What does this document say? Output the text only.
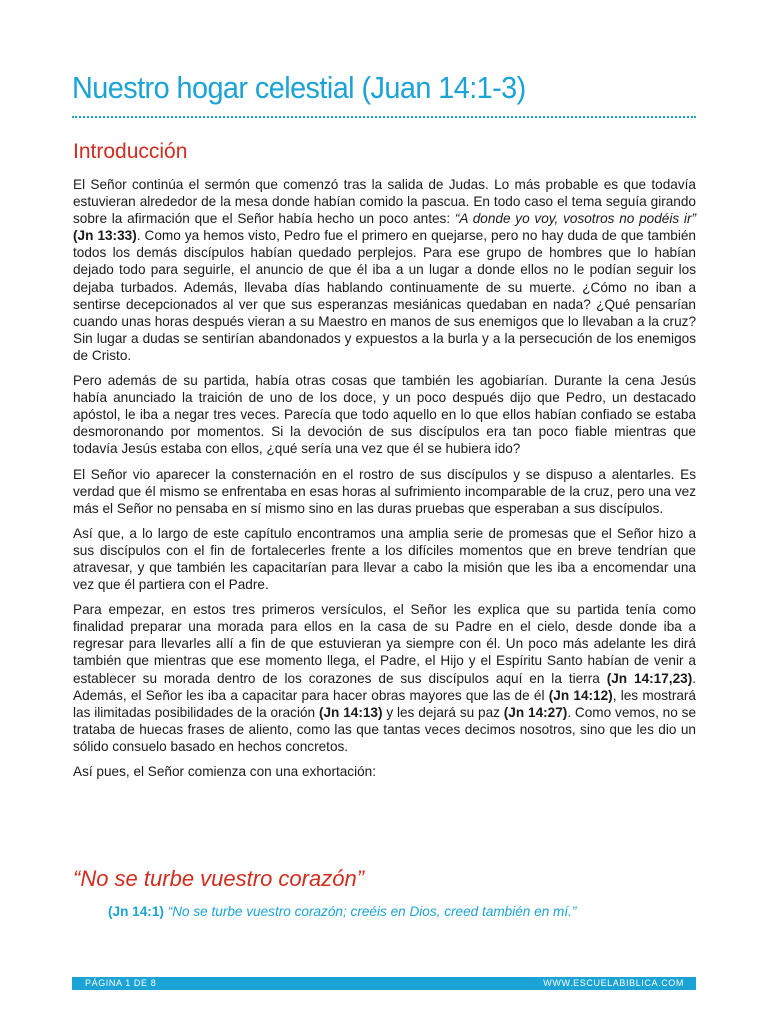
Nuestro hogar celestial (Juan 14:1-3)
Introducción

El Señor continúa el sermón que comenzó tras la salida de Judas. Lo más probable es que todavía estuvieran alrededor de la mesa donde habían comido la pascua. En todo caso el tema seguía girando sobre la afirmación que el Señor había hecho un poco antes: “A donde yo voy, vosotros no podéis ir” (Jn 13:33). Como ya hemos visto, Pedro fue el primero en quejarse, pero no hay duda de que también todos los demás discípulos habían quedado perplejos. Para ese grupo de hombres que lo habían dejado todo para seguirle, el anuncio de que él iba a un lugar a donde ellos no le podían seguir los dejaba turbados. Además, llevaba días hablando continuamente de su muerte. ¿Cómo no iban a sentirse decepcionados al ver que sus esperanzas mesiánicas quedaban en nada? ¿Qué pensarían cuando unas horas después vieran a su Maestro en manos de sus enemigos que lo llevaban a la cruz? Sin lugar a dudas se sentirían abandonados y expuestos a la burla y a la persecución de los enemigos de Cristo.

Pero además de su partida, había otras cosas que también les agobiarían. Durante la cena Jesús había anunciado la traición de uno de los doce, y un poco después dijo que Pedro, un destacado apóstol, le iba a negar tres veces. Parecía que todo aquello en lo que ellos habían confiado se estaba desmoronando por momentos. Si la devoción de sus discípulos era tan poco fiable mientras que todavía Jesús estaba con ellos, ¿qué sería una vez que él se hubiera ido?

El Señor vio aparecer la consternación en el rostro de sus discípulos y se dispuso a alentarles. Es verdad que él mismo se enfrentaba en esas horas al sufrimiento incomparable de la cruz, pero una vez más el Señor no pensaba en sí mismo sino en las duras pruebas que esperaban a sus discípulos.

Así que, a lo largo de este capítulo encontramos una amplia serie de promesas que el Señor hizo a sus discípulos con el fin de fortalecerles frente a los difíciles momentos que en breve tendrían que atravesar, y que también les capacitarían para llevar a cabo la misión que les iba a encomendar una vez que él partiera con el Padre.

Para empezar, en estos tres primeros versículos, el Señor les explica que su partida tenía como finalidad preparar una morada para ellos en la casa de su Padre en el cielo, desde donde iba a regresar para llevarles allí a fin de que estuvieran ya siempre con él. Un poco más adelante les dirá también que mientras que ese momento llega, el Padre, el Hijo y el Espíritu Santo habían de venir a establecer su morada dentro de los corazones de sus discípulos aquí en la tierra (Jn 14:17,23). Además, el Señor les iba a capacitar para hacer obras mayores que las de él (Jn 14:12), les mostrará las ilimitadas posibilidades de la oración (Jn 14:13) y les dejará su paz (Jn 14:27). Como vemos, no se trataba de huecas frases de aliento, como las que tantas veces decimos nosotros, sino que les dio un sólido consuelo basado en hechos concretos.

Así pues, el Señor comienza con una exhortación:

“No se turbe vuestro corazón”
(Jn 14:1) “No se turbe vuestro corazón; creéis en Dios, creed también en mí.”
PÁGINA 1 DE 8	WWW.ESCUELABIBLICA.COM
